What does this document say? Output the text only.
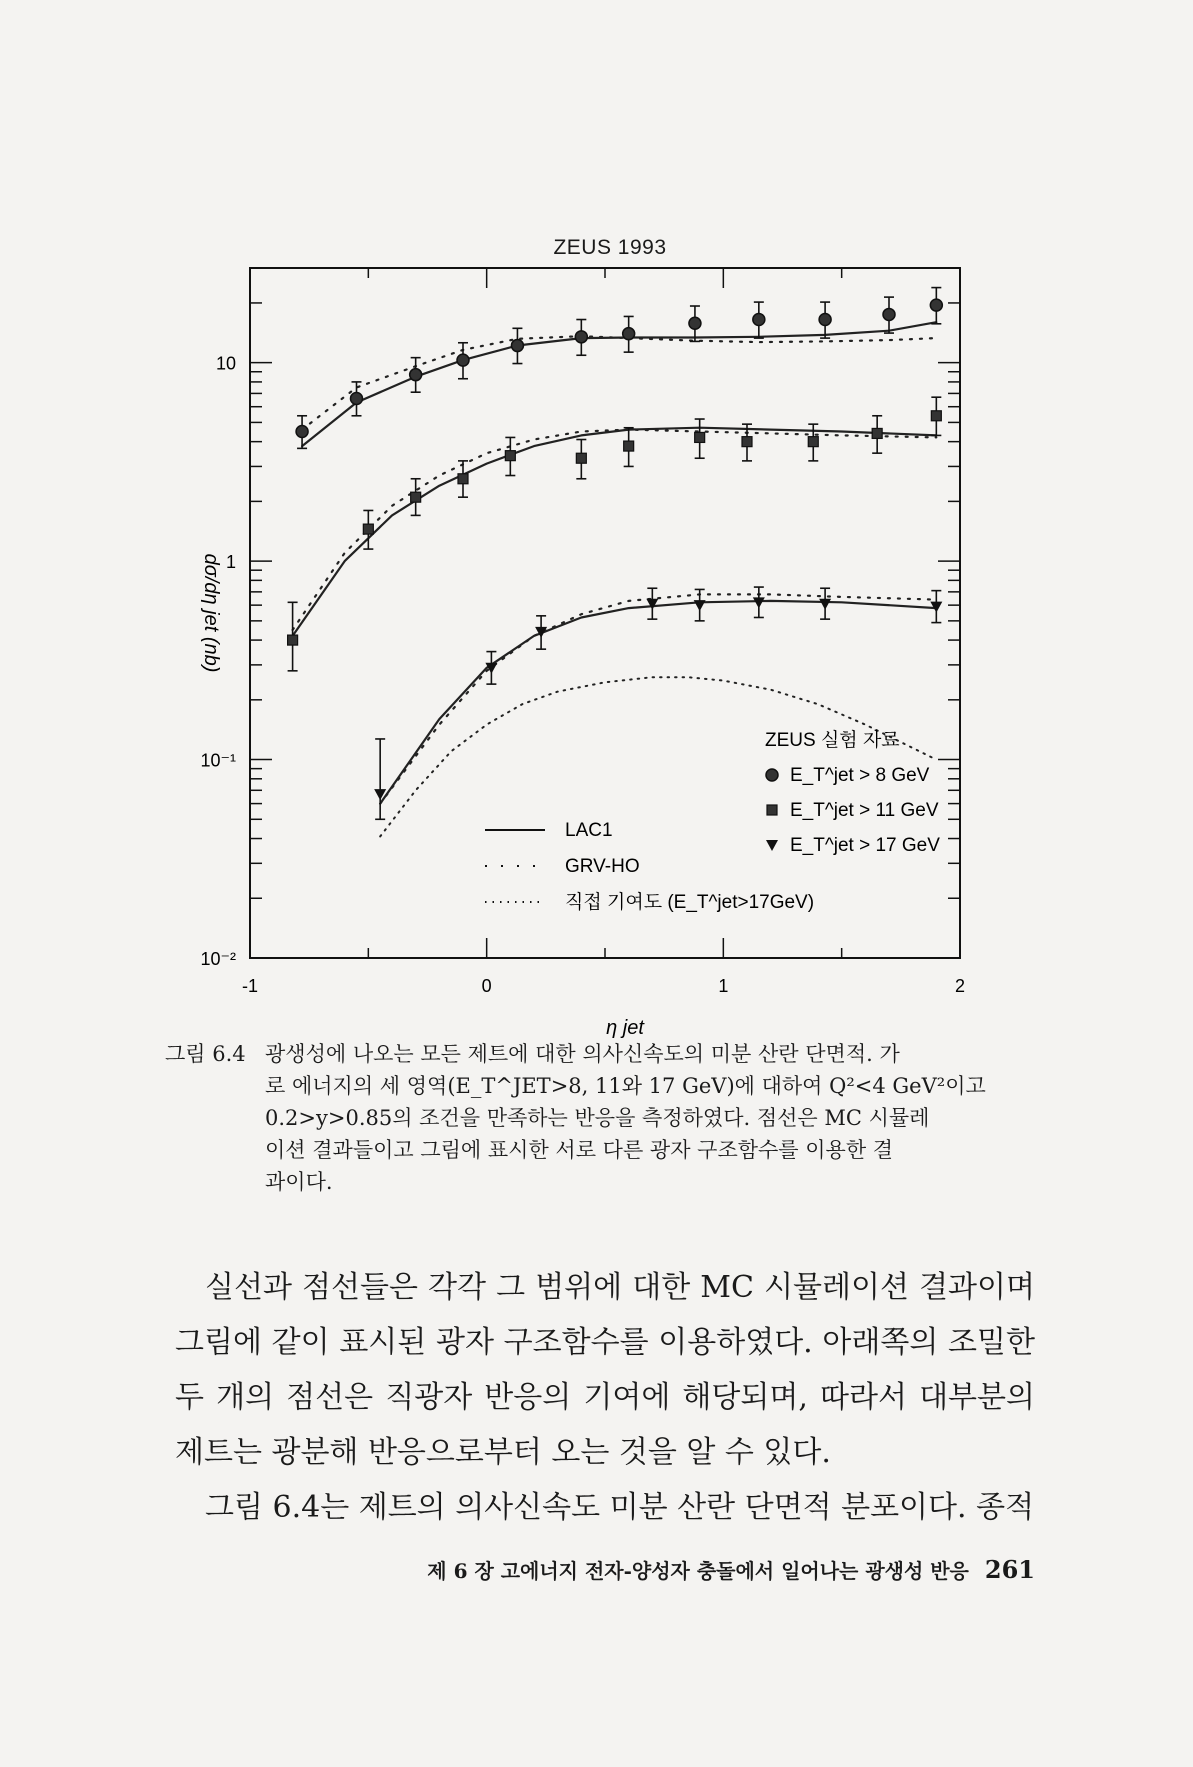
ZEUS 1993
10
1
10⁻¹
10⁻²
-1	0	1	2
η jet
dσ/dη jet (nb)
ZEUS 실험 자료
E_T^jet > 8 GeV
E_T^jet > 11 GeV
E_T^jet > 17 GeV
LAC1
GRV-HO
직접 기여도 (E_T^jet>17GeV)

그림 6.4 광생성에 나오는 모든 제트에 대한 의사신속도의 미분 산란 단면적. 가

로 에너지의 세 영역(E_T^JET>8, 11와 17 GeV)에 대하여 Q²<4 GeV²이고

0.2>y>0.85의 조건을 만족하는 반응을 측정하였다. 점선은 MC 시뮬레

이션 결과들이고 그림에 표시한 서로 다른 광자 구조함수를 이용한 결

과이다.

실선과 점선들은 각각 그 범위에 대한 MC 시뮬레이션 결과이며 그림에 같이 표시된 광자 구조함수를 이용하였다. 아래쪽의 조밀한 두 개의 점선은 직광자 반응의 기여에 해당되며, 따라서 대부분의 제트는 광분해 반응으로부터 오는 것을 알 수 있다.

그림 6.4는 제트의 의사신속도 미분 산란 단면적 분포이다. 종적

제 6 장 고에너지 전자-양성자 충돌에서 일어나는 광생성 반응 261
